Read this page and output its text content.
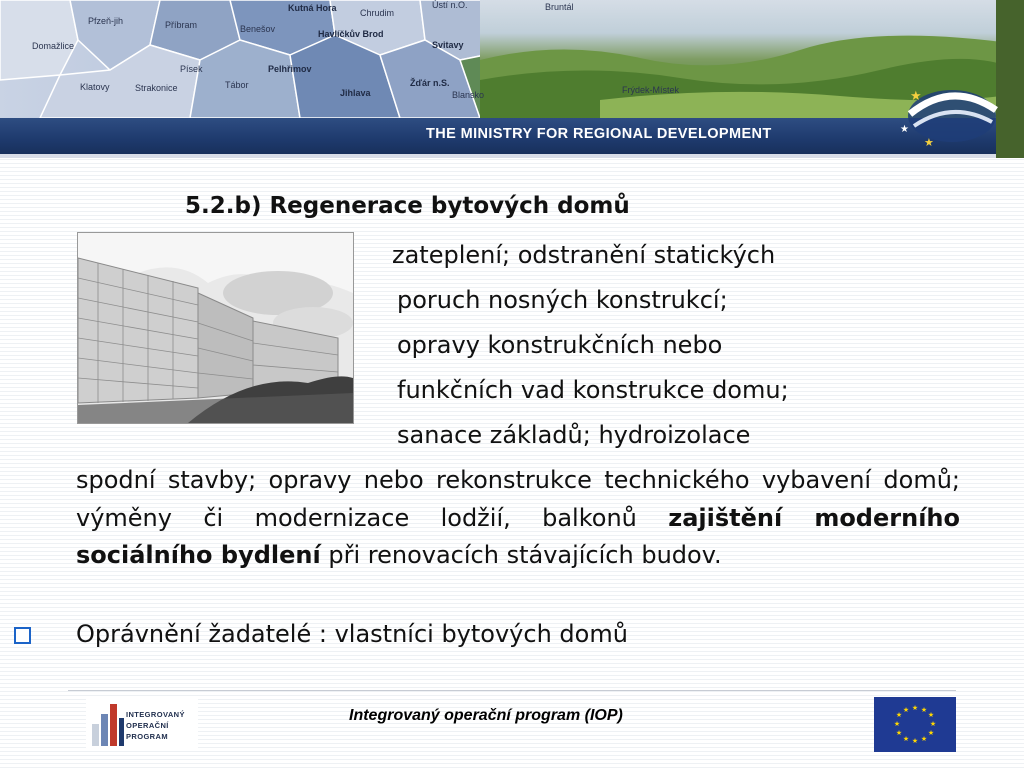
Pfzeň-jih	Příbram	Benešov
Kutná Hora	Chrudim
Ústí n.O.	Bruntál
Domažlice
Havlíčkův Brod
Svitavy
Písek	Pelhřimov
Klatovy	Strakonice	Tábor	Žďár n.S.
Jihlava	Blansko	Frýdek-Místek	★
★
★
THE MINISTRY FOR REGIONAL DEVELOPMENT
5.2.b) Regenerace bytových domů
zateplení; odstranění statických
poruch nosných konstrukcí;
opravy konstrukčních nebo
funkčních vad konstrukce domu;
sanace základů; hydroizolace
spodní stavby; opravy nebo rekonstrukce technického vybavení domů; výměny či modernizace lodžií, balkonů zajištění moderního sociálního bydlení při renovacích stávajících budov.
Oprávnění žadatelé : vlastníci bytových domů
INTEGROVANÝ
OPERAČNÍ
PROGRAM
Integrovaný operační program (IOP)	★ ★
★
★
★
★
★
★
★
★
★
★
